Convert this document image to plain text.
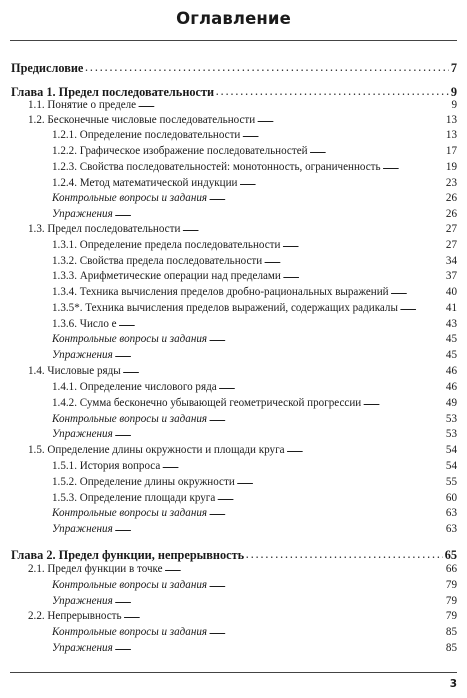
Оглавление
Предисловие . . .	7
Глава 1. Предел последовательности . . .	9
1.1. Понятие о пределе . . .	9
1.2. Бесконечные числовые последовательности . . .	13
1.2.1. Определение последовательности . . .	13
1.2.2. Графическое изображение последовательностей . . .	17
1.2.3. Свойства последовательностей: монотонность, ограниченность . . .	19
1.2.4. Метод математической индукции . . .	23
Контрольные вопросы и задания . . .	26
Упражнения . . .	26
1.3. Предел последовательности . . .	27
1.3.1. Определение предела последовательности . . .	27
1.3.2. Свойства предела последовательности . . .	34
1.3.3. Арифметические операции над пределами . . .	37
1.3.4. Техника вычисления пределов дробно-рациональных выражений . . .	40
1.3.5*. Техника вычисления пределов выражений, содержащих радикалы . . .	41
1.3.6. Число е . . .	43
Контрольные вопросы и задания . . .	45
Упражнения . . .	45
1.4. Числовые ряды . . .	46
1.4.1. Определение числового ряда . . .	46
1.4.2. Сумма бесконечно убывающей геометрической прогрессии . . .	49
Контрольные вопросы и задания . . .	53
Упражнения . . .	53
1.5. Определение длины окружности и площади круга . . .	54
1.5.1. История вопроса . . .	54
1.5.2. Определение длины окружности . . .	55
1.5.3. Определение площади круга . . .	60
Контрольные вопросы и задания . . .	63
Упражнения . . .	63
Глава 2. Предел функции, непрерывность . . .	65
2.1. Предел функции в точке . . .	66
Контрольные вопросы и задания . . .	79
Упражнения . . .	79
2.2. Непрерывность . . .	79
Контрольные вопросы и задания . . .	85
Упражнения . . .	85
3
